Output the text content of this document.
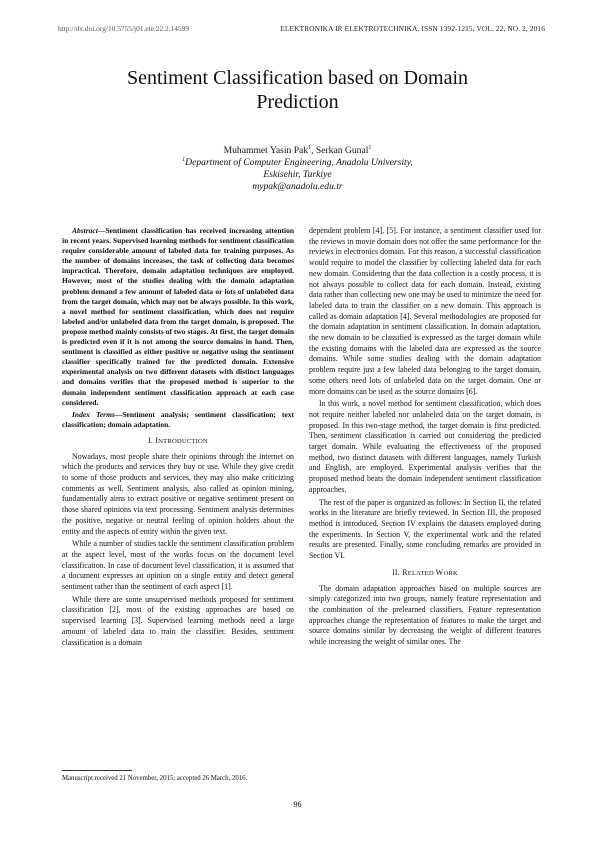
http://dx.doi.org/10.5755/j01.eie.22.2.14599	ELEKTRONIKA IR ELEKTROTECHNIKA, ISSN 1392-1215, VOL. 22, NO. 2, 2016
Sentiment Classification based on Domain
Prediction
Muhammet Yasin Pak$^1$, Serkan Gunal$^1$
$^1$Department of Computer Engineering, Anadolu University,
Eskisehir, Turkiye
mypak@anadolu.edu.tr

Abstract—Sentiment classification has received increasing attention in recent years. Supervised learning methods for sentiment classification require considerable amount of labeled data for training purposes. As the number of domains increases, the task of collecting data becomes impractical. Therefore, domain adaptation techniques are employed. However, most of the studies dealing with the domain adaptation problem demand a few amount of labeled data or lots of unlabeled data from the target domain, which may not be always possible. In this work, a novel method for sentiment classification, which does not require labeled and/or unlabeled data from the target domain, is proposed. The propose method mainly consists of two stages. At first, the target domain is predicted even if it is not among the source domains in hand. Then, sentiment is classified as either positive or negative using the sentiment classifier specifically trained for the predicted domain. Extensive experimental analysis on two different datasets with distinct languages and domains verifies that the proposed method is superior to the domain independent sentiment classification approach at each case considered.

Index Terms—Sentiment analysis; sentiment classification; text classification; domain adaptation.

I. INTRODUCTION

Nowadays, most people share their opinions through the internet on which the products and services they buy or use. While they give credit to some of those products and services, they may also make criticizing comments as well. Sentiment analysis, also called as opinion mining, fundamentally aims to extract positive or negative sentiment present on those shared opinions via text processing. Sentiment analysis determines the positive, negative or neutral feeling of opinion holders about the entity and the aspects of entity within the given text.

While a number of studies tackle the sentiment classification problem at the aspect level, most of the works focus on the document level classification. In case of document level classification, it is assumed that a document expresses an opinion on a single entity and detect general sentiment rather than the sentiment of each aspect [1].

While there are some unsupervised methods proposed for sentiment classification [2], most of the existing approaches are based on supervised learning [3]. Supervised learning methods need a large amount of labeled data to train the classifier. Besides, sentiment classification is a domain

dependent problem [4], [5]. For instance, a sentiment classifier used for the reviews in movie domain does not offer the same performance for the reviews in electronics domain. For this reason, a successful classification would require to model the classifier by collecting labeled data for each new domain. Considering that the data collection is a costly process, it is not always possible to collect data for each domain. Instead, existing data rather than collecting new one may be used to minimize the need for labeled data to train the classifier on a new domain. This approach is called as domain adaptation [4]. Several methodologies are proposed for the domain adaptation in sentiment classification. In domain adaptation, the new domain to be classified is expressed as the target domain while the existing domains with the labeled data are expressed as the source domains. While some studies dealing with the domain adaptation problem require just a few labeled data belonging to the target domain, some others need lots of unlabeled data on the target domain. One or more domains can be used as the source domains [6].

In this work, a novel method for sentiment classification, which does not require neither labeled nor unlabeled data on the target domain, is proposed. In this two-stage method, the target domain is first predicted. Then, sentiment classification is carried out considering the predicted target domain. While evaluating the effectiveness of the proposed method, two distinct datasets with different languages, namely Turkish and English, are employed. Experimental analysis verifies that the proposed method beats the domain independent sentiment classification approaches.

The rest of the paper is organized as follows: In Section II, the related works in the literature are briefly reviewed. In Section III, the proposed method is introduced. Section IV explains the datasets employed during the experiments. In Section V, the experimental work and the related results are presented. Finally, some concluding remarks are provided in Section VI.

II. RELATED WORK

The domain adaptation approaches based on multiple sources are simply categorized into two groups, namely feature representation and the combination of the prelearned classifiers. Feature representation approaches change the representation of features to make the target and source domains similar by decreasing the weight of different features while increasing the weight of similar ones. The

Manuscript received 21 November, 2015; accepted 26 March, 2016.
96
